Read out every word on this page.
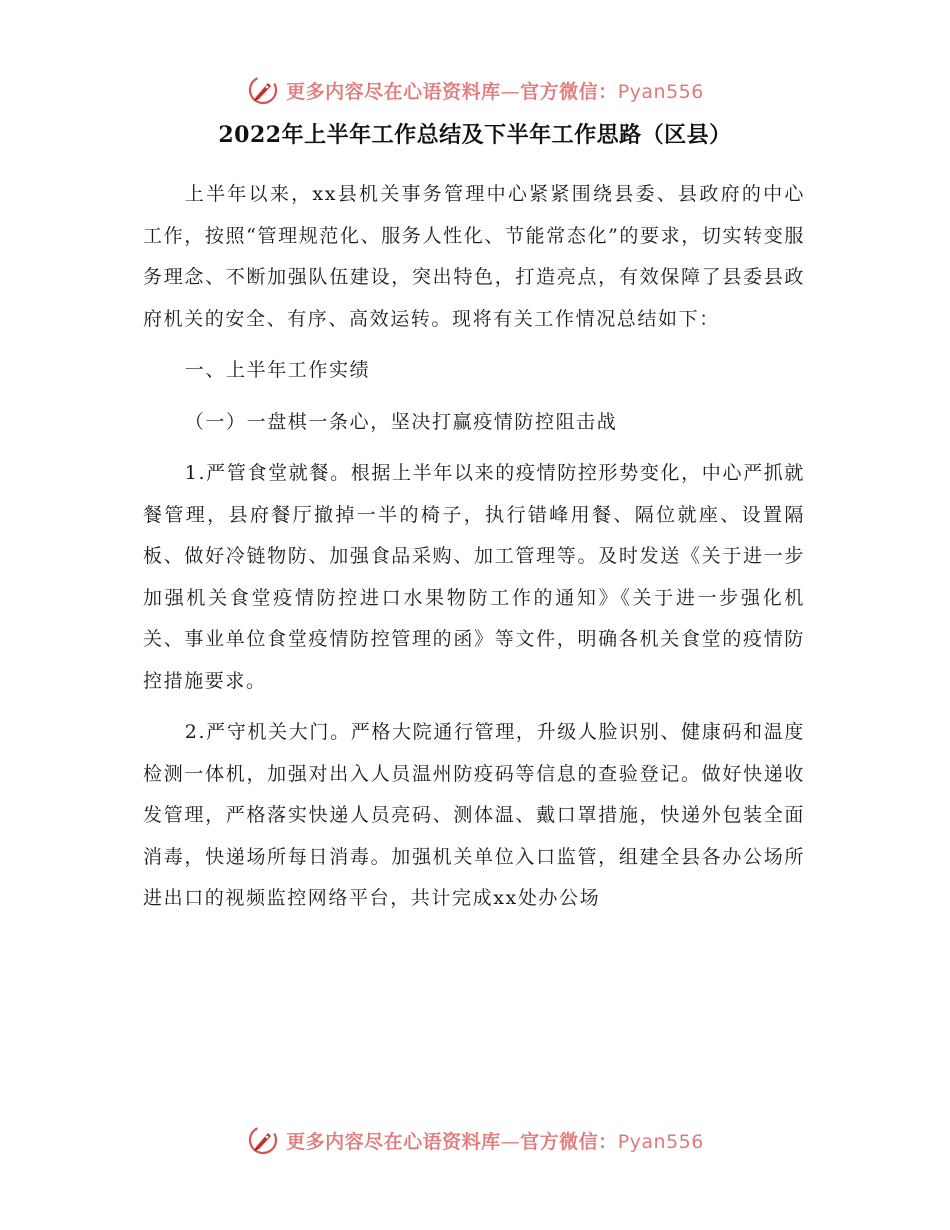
更多内容尽在心语资料库—官方微信：Pyan556
2022年上半年工作总结及下半年工作思路（区县）

上半年以来，xx县机关事务管理中心紧紧围绕县委、县政府的中心工作，按照“管理规范化、服务人性化、节能常态化”的要求，切实转变服务理念、不断加强队伍建设，突出特色，打造亮点，有效保障了县委县政府机关的安全、有序、高效运转。现将有关工作情况总结如下：

一、上半年工作实绩

（一）一盘棋一条心，坚决打赢疫情防控阻击战

1.严管食堂就餐。根据上半年以来的疫情防控形势变化，中心严抓就餐管理，县府餐厅撤掉一半的椅子，执行错峰用餐、隔位就座、设置隔板、做好冷链物防、加强食品采购、加工管理等。及时发送《关于进一步加强机关食堂疫情防控进口水果物防工作的通知》《关于进一步强化机关、事业单位食堂疫情防控管理的函》等文件，明确各机关食堂的疫情防控措施要求。

2.严守机关大门。严格大院通行管理，升级人脸识别、健康码和温度检测一体机，加强对出入人员温州防疫码等信息的查验登记。做好快递收发管理，严格落实快递人员亮码、测体温、戴口罩措施，快递外包装全面消毒，快递场所每日消毒。加强机关单位入口监管，组建全县各办公场所进出口的视频监控网络平台，共计完成xx处办公场

更多内容尽在心语资料库—官方微信：Pyan556
